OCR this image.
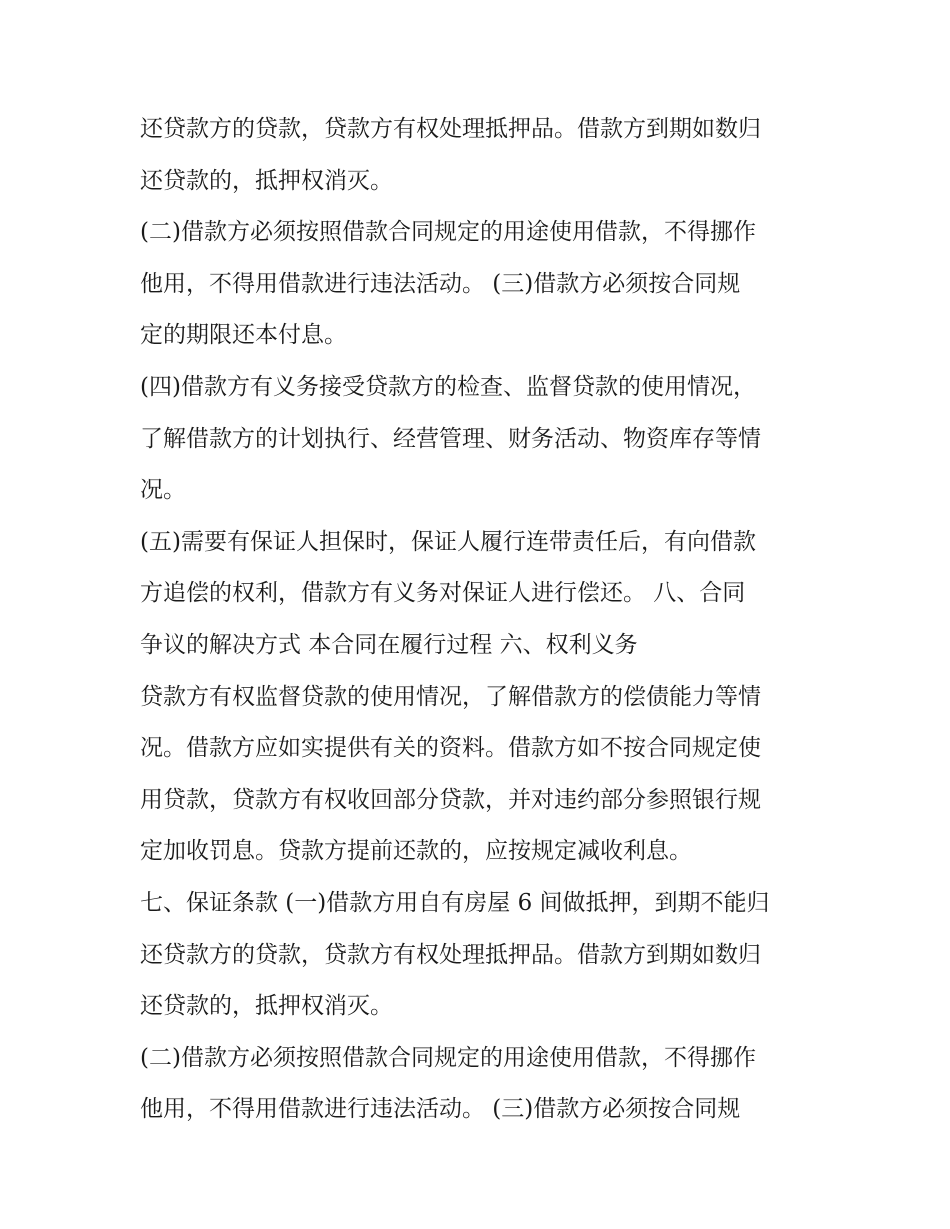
还贷款方的贷款，贷款方有权处理抵押品。借款方到期如数归
还贷款的，抵押权消灭。
(二)借款方必须按照借款合同规定的用途使用借款，不得挪作
他用，不得用借款进行违法活动。 (三)借款方必须按合同规
定的期限还本付息。
(四)借款方有义务接受贷款方的检查、监督贷款的使用情况，
了解借款方的计划执行、经营管理、财务活动、物资库存等情
况。
(五)需要有保证人担保时，保证人履行连带责任后，有向借款
方追偿的权利，借款方有义务对保证人进行偿还。 八、合同
争议的解决方式 本合同在履行过程 六、权利义务
贷款方有权监督贷款的使用情况，了解借款方的偿债能力等情
况。借款方应如实提供有关的资料。借款方如不按合同规定使
用贷款，贷款方有权收回部分贷款，并对违约部分参照银行规
定加收罚息。贷款方提前还款的，应按规定减收利息。
七、保证条款 (一)借款方用自有房屋 6 间做抵押，到期不能归
还贷款方的贷款，贷款方有权处理抵押品。借款方到期如数归
还贷款的，抵押权消灭。
(二)借款方必须按照借款合同规定的用途使用借款，不得挪作
他用，不得用借款进行违法活动。 (三)借款方必须按合同规
